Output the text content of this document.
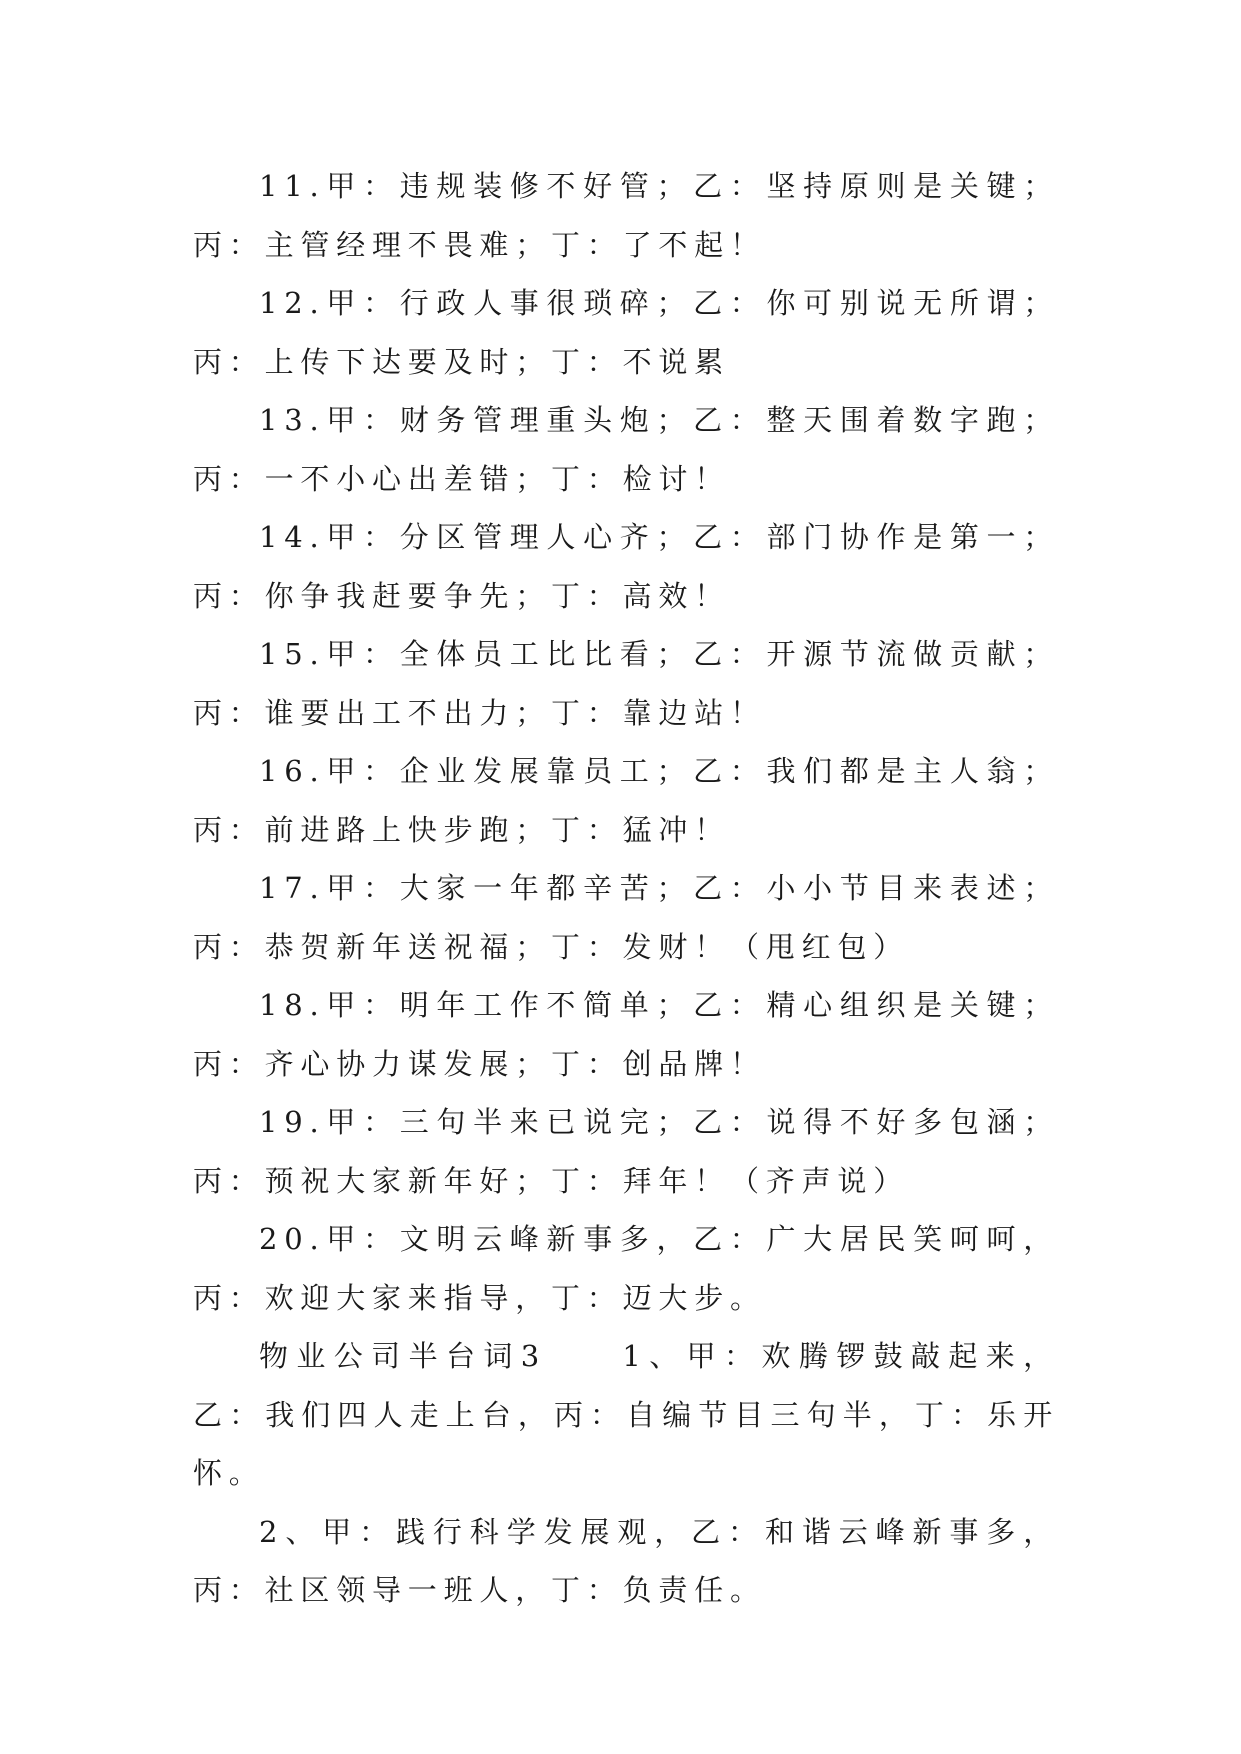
11.甲：违规装修不好管；乙：坚持原则是关键；丙：主管经理不畏难；丁：了不起！

12.甲：行政人事很琐碎；乙：你可别说无所谓；丙：上传下达要及时；丁：不说累

13.甲：财务管理重头炮；乙：整天围着数字跑；丙：一不小心出差错；丁：检讨！

14.甲：分区管理人心齐；乙：部门协作是第一；丙：你争我赶要争先；丁：高效！

15.甲：全体员工比比看；乙：开源节流做贡献；丙：谁要出工不出力；丁：靠边站！

16.甲：企业发展靠员工；乙：我们都是主人翁；丙：前进路上快步跑；丁：猛冲！

17.甲：大家一年都辛苦；乙：小小节目来表述；丙：恭贺新年送祝福；丁：发财！（甩红包）

18.甲：明年工作不简单；乙：精心组织是关键；丙：齐心协力谋发展；丁：创品牌！

19.甲：三句半来已说完；乙：说得不好多包涵；丙：预祝大家新年好；丁：拜年！（齐声说）

20.甲：文明云峰新事多，乙：广大居民笑呵呵，丙：欢迎大家来指导，丁：迈大步。

物业公司半台词3　　1、甲：欢腾锣鼓敲起来，乙：我们四人走上台，丙：自编节目三句半，丁：乐开怀。

2、甲：践行科学发展观，乙：和谐云峰新事多，丙：社区领导一班人，丁：负责任。
